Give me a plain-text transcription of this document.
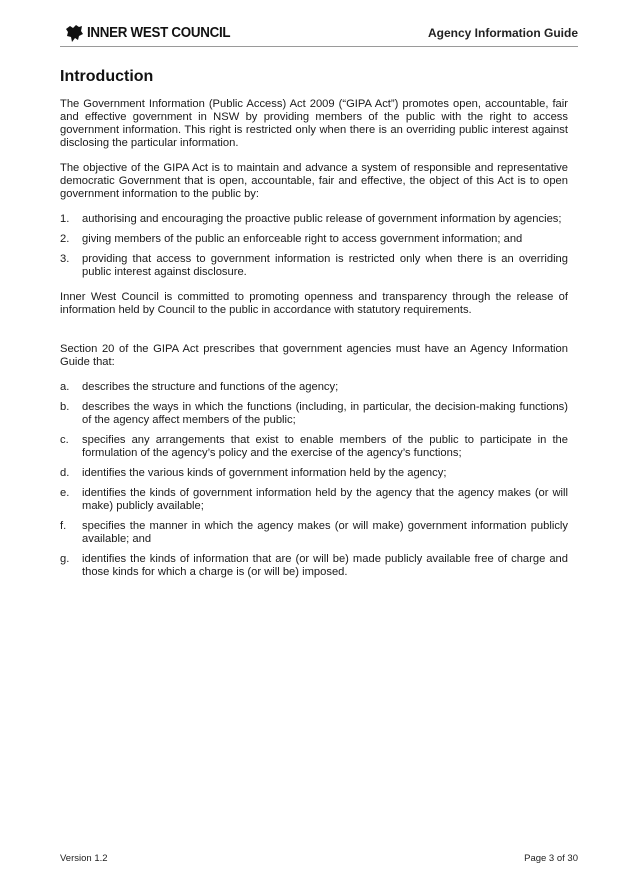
INNER WEST COUNCIL	Agency Information Guide
Introduction

The Government Information (Public Access) Act 2009 (“GIPA Act”) promotes open, accountable, fair and effective government in NSW by providing members of the public with the right to access government information. This right is restricted only when there is an overriding public interest against disclosing the particular information.

The objective of the GIPA Act is to maintain and advance a system of responsible and representative democratic Government that is open, accountable, fair and effective, the object of this Act is to open government information to the public by:

1. authorising and encouraging the proactive public release of government information by agencies;
2. giving members of the public an enforceable right to access government information; and
3. providing that access to government information is restricted only when there is an overriding public interest against disclosure.

Inner West Council is committed to promoting openness and transparency through the release of information held by Council to the public in accordance with statutory requirements.

Section 20 of the GIPA Act prescribes that government agencies must have an Agency Information Guide that:

a. describes the structure and functions of the agency;
b. describes the ways in which the functions (including, in particular, the decision-making functions) of the agency affect members of the public;
c. specifies any arrangements that exist to enable members of the public to participate in the formulation of the agency’s policy and the exercise of the agency’s functions;
d. identifies the various kinds of government information held by the agency;
e. identifies the kinds of government information held by the agency that the agency makes (or will make) publicly available;
f. specifies the manner in which the agency makes (or will make) government information publicly available; and
g. identifies the kinds of information that are (or will be) made publicly available free of charge and those kinds for which a charge is (or will be) imposed.
Version 1.2	Page 3 of 30
